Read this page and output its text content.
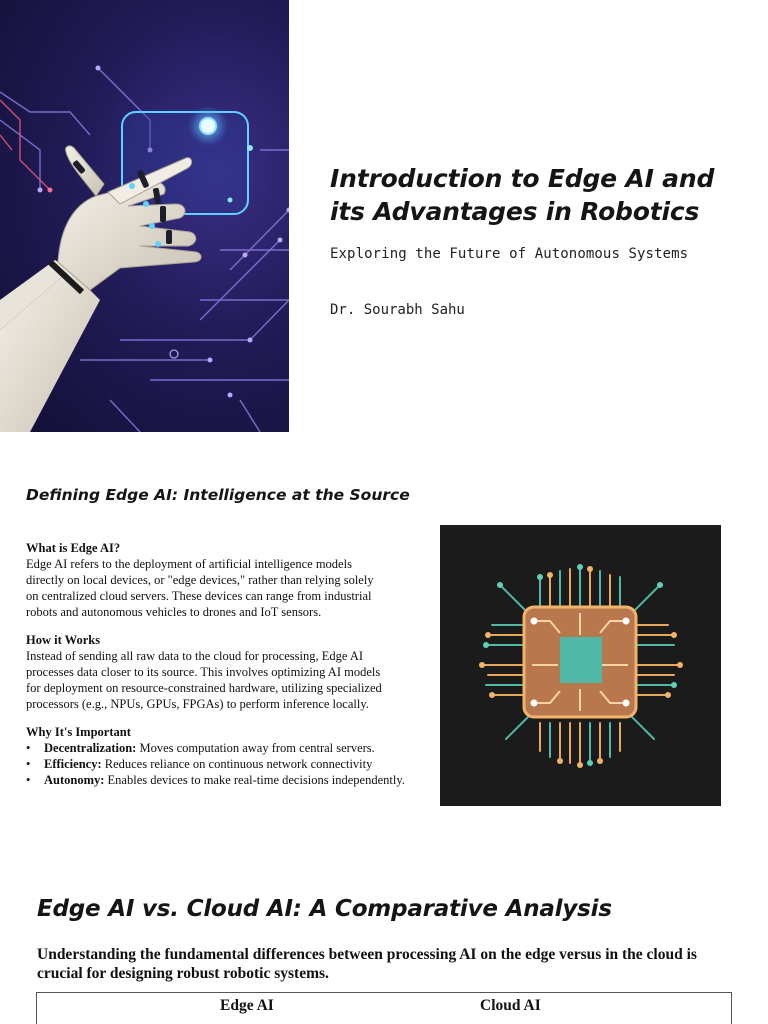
Introduction to Edge AI and its Advantages in Robotics
Exploring the Future of Autonomous Systems
Dr. Sourabh Sahu
Defining Edge AI: Intelligence at the Source
What is Edge AI?

Edge AI refers to the deployment of artificial intelligence models directly on local devices, or "edge devices," rather than relying solely on centralized cloud servers. These devices can range from industrial robots and autonomous vehicles to drones and IoT sensors.

How it Works

Instead of sending all raw data to the cloud for processing, Edge AI processes data closer to its source. This involves optimizing AI models for deployment on resource-constrained hardware, utilizing specialized processors (e.g., NPUs, GPUs, FPGAs) to perform inference locally.

Why It's Important
• Decentralization: Moves computation away from central servers.
• Efficiency: Reduces reliance on continuous network connectivity
• Autonomy: Enables devices to make real-time decisions independently.
Edge AI vs. Cloud AI: A Comparative Analysis

Understanding the fundamental differences between processing AI on the edge versus in the cloud is crucial for designing robust robotic systems.

Edge AI	Cloud AI
